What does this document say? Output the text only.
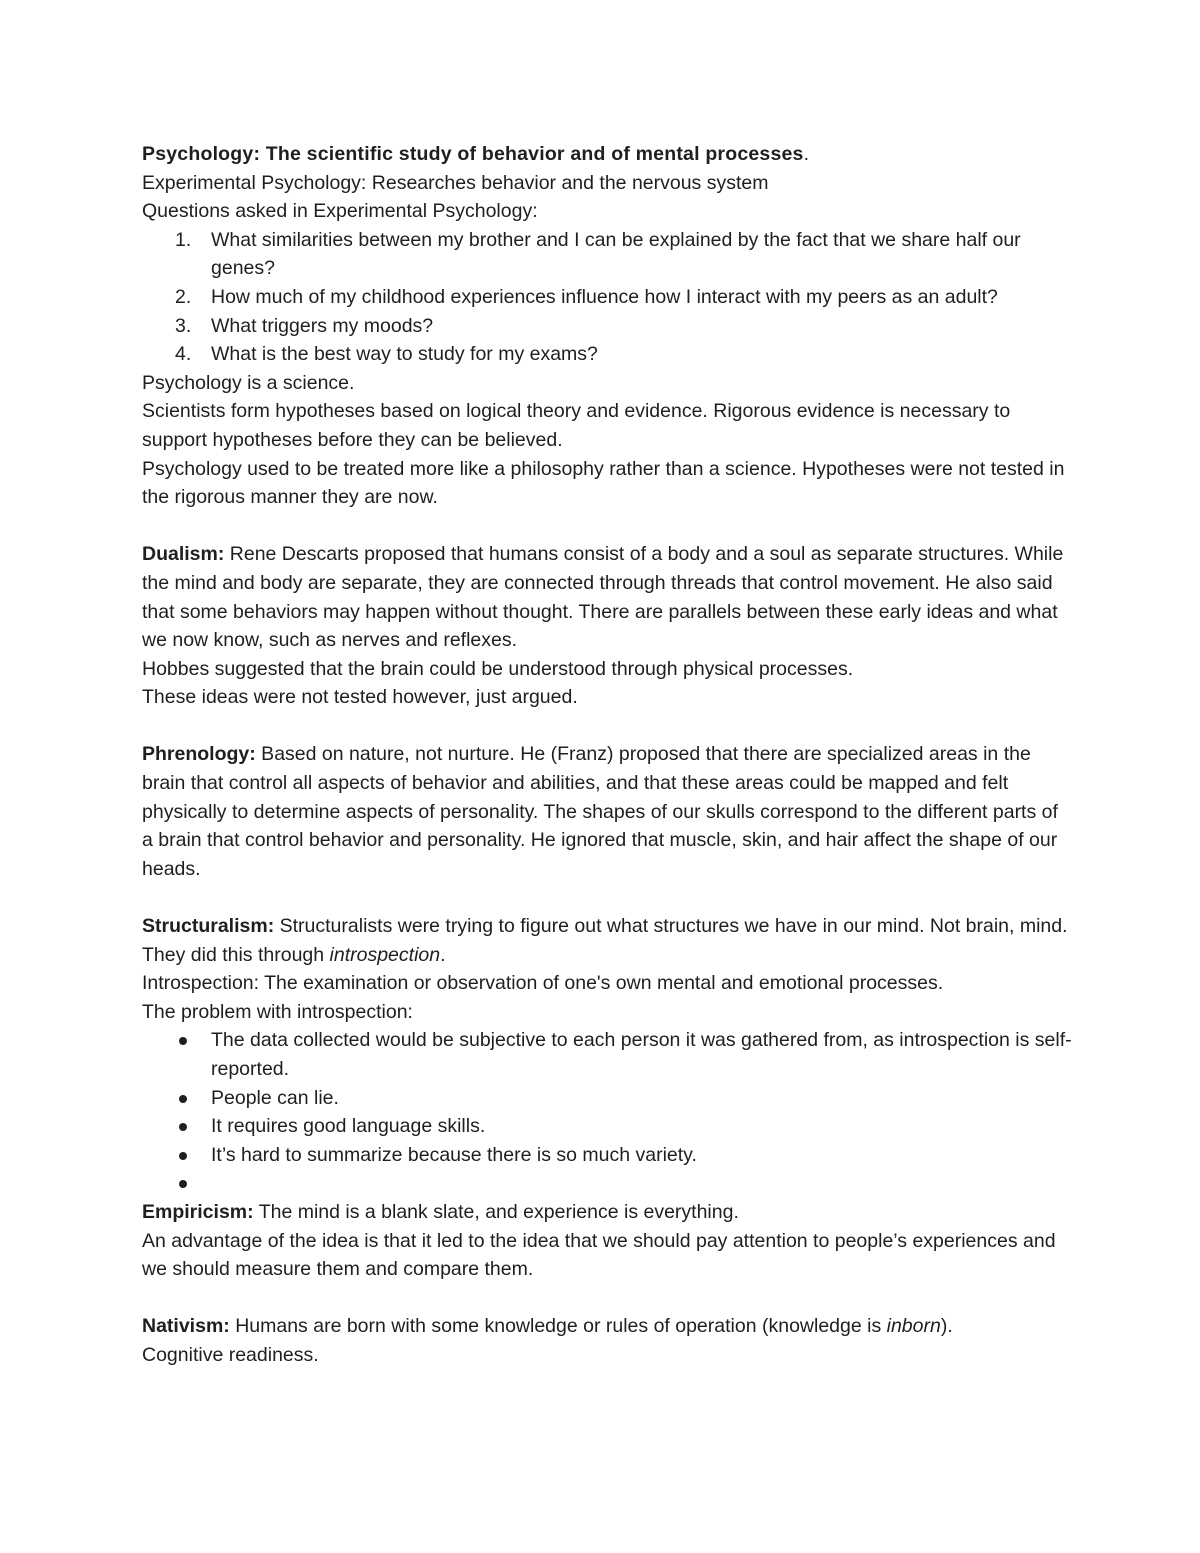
Psychology: The scientific study of behavior and of mental processes.

Experimental Psychology: Researches behavior and the nervous system

Questions asked in Experimental Psychology:

1. What similarities between my brother and I can be explained by the fact that we share half our genes?
2. How much of my childhood experiences influence how I interact with my peers as an adult?
3. What triggers my moods?
4. What is the best way to study for my exams?

Psychology is a science.

Scientists form hypotheses based on logical theory and evidence. Rigorous evidence is necessary to support hypotheses before they can be believed.

Psychology used to be treated more like a philosophy rather than a science. Hypotheses were not tested in the rigorous manner they are now.

Dualism: Rene Descarts proposed that humans consist of a body and a soul as separate structures. While the mind and body are separate, they are connected through threads that control movement. He also said that some behaviors may happen without thought. There are parallels between these early ideas and what we now know, such as nerves and reflexes.

Hobbes suggested that the brain could be understood through physical processes.

These ideas were not tested however, just argued.

Phrenology: Based on nature, not nurture. He (Franz) proposed that there are specialized areas in the brain that control all aspects of behavior and abilities, and that these areas could be mapped and felt physically to determine aspects of personality. The shapes of our skulls correspond to the different parts of a brain that control behavior and personality. He ignored that muscle, skin, and hair affect the shape of our heads.

Structuralism: Structuralists were trying to figure out what structures we have in our mind. Not brain, mind. They did this through introspection.

Introspection: The examination or observation of one's own mental and emotional processes.

The problem with introspection:

The data collected would be subjective to each person it was gathered from, as introspection is self-reported.
People can lie.
It requires good language skills.
It’s hard to summarize because there is so much variety.

Empiricism: The mind is a blank slate, and experience is everything.

An advantage of the idea is that it led to the idea that we should pay attention to people’s experiences and we should measure them and compare them.

Nativism: Humans are born with some knowledge or rules of operation (knowledge is inborn).

Cognitive readiness.
